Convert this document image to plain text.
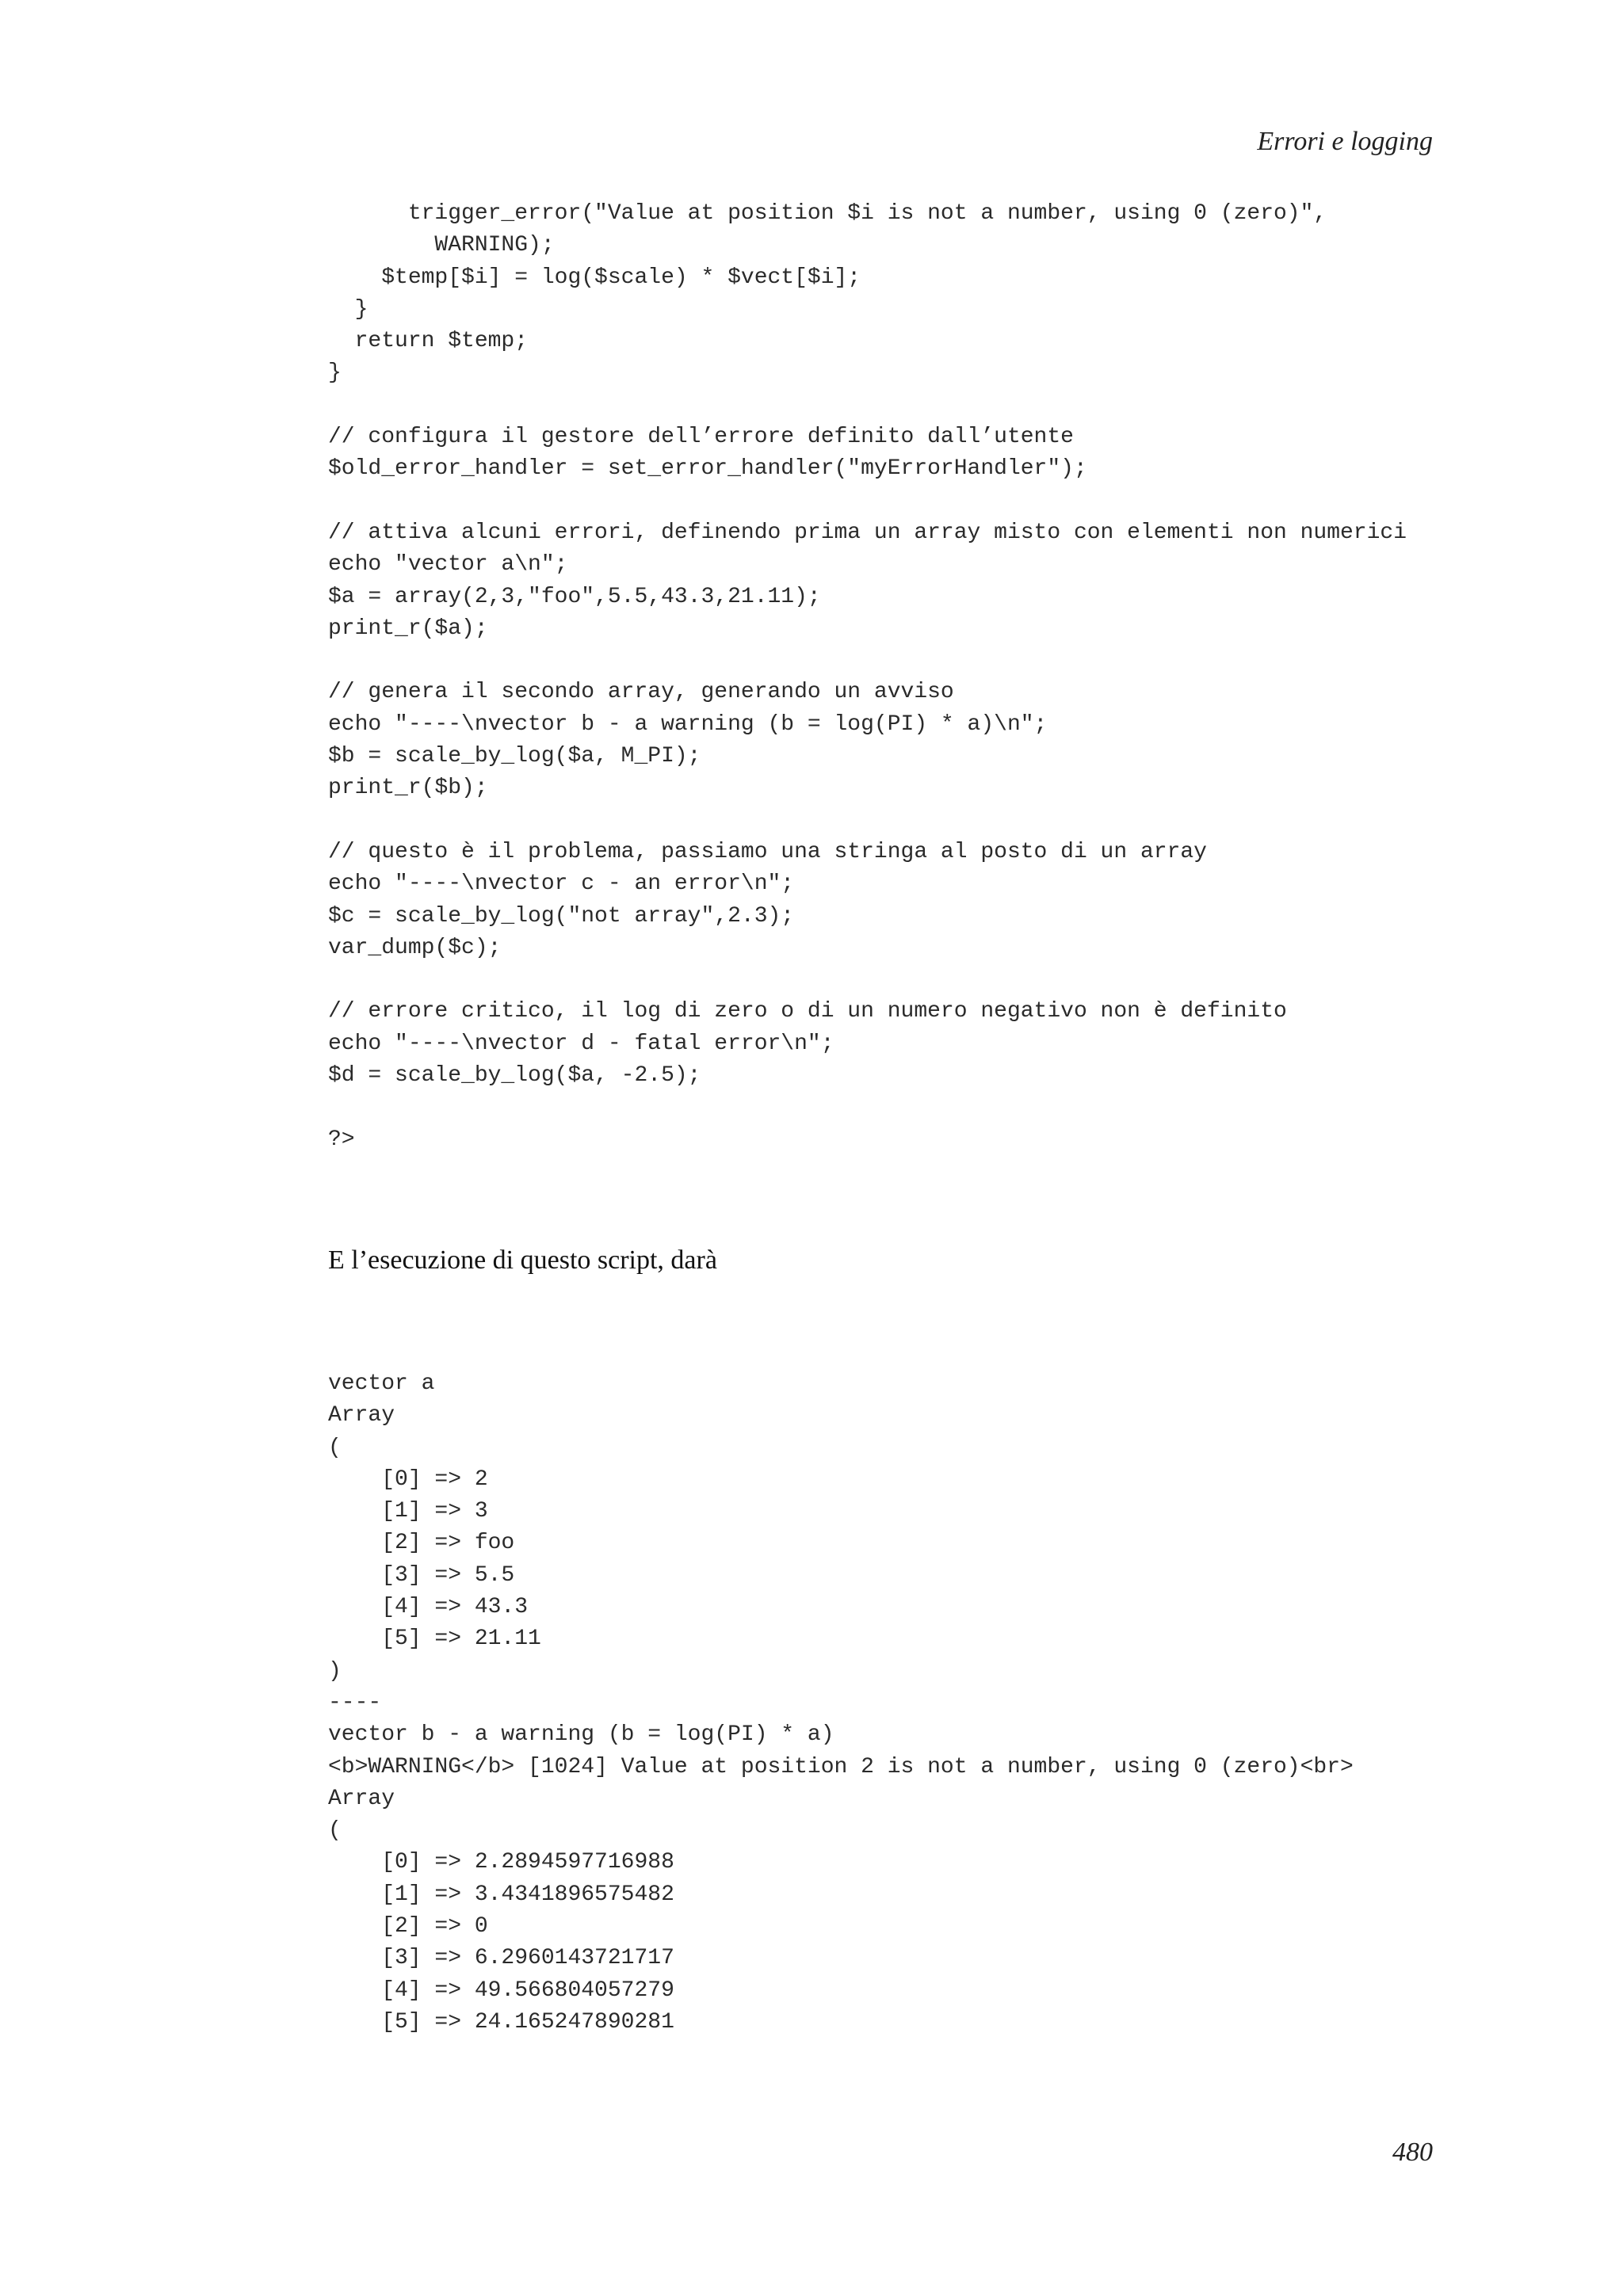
Errori e logging
trigger_error("Value at position $i is not a number, using 0 (zero)",
WARNING);
$temp[$i] = log($scale) * $vect[$i];
}
return $temp;
}
// configura il gestore dell’errore definito dall’utente
$old_error_handler = set_error_handler("myErrorHandler");
// attiva alcuni errori, definendo prima un array misto con elementi non numerici
echo "vector a\n";
$a = array(2,3,"foo",5.5,43.3,21.11);
print_r($a);
// genera il secondo array, generando un avviso
echo "----\nvector b - a warning (b = log(PI) * a)\n";
$b = scale_by_log($a, M_PI);
print_r($b);
// questo è il problema, passiamo una stringa al posto di un array
echo "----\nvector c - an error\n";
$c = scale_by_log("not array",2.3);
var_dump($c);
// errore critico, il log di zero o di un numero negativo non è definito
echo "----\nvector d - fatal error\n";
$d = scale_by_log($a, -2.5);
?>
E l’esecuzione di questo script, darà
vector a
Array
(
[0] => 2
[1] => 3
[2] => foo
[3] => 5.5
[4] => 43.3
[5] => 21.11
)
----
vector b - a warning (b = log(PI) * a)
<b>WARNING</b> [1024] Value at position 2 is not a number, using 0 (zero)<br>
Array
(
[0] => 2.2894597716988
[1] => 3.4341896575482
[2] => 0
[3] => 6.2960143721717
[4] => 49.566804057279
[5] => 24.165247890281
480
